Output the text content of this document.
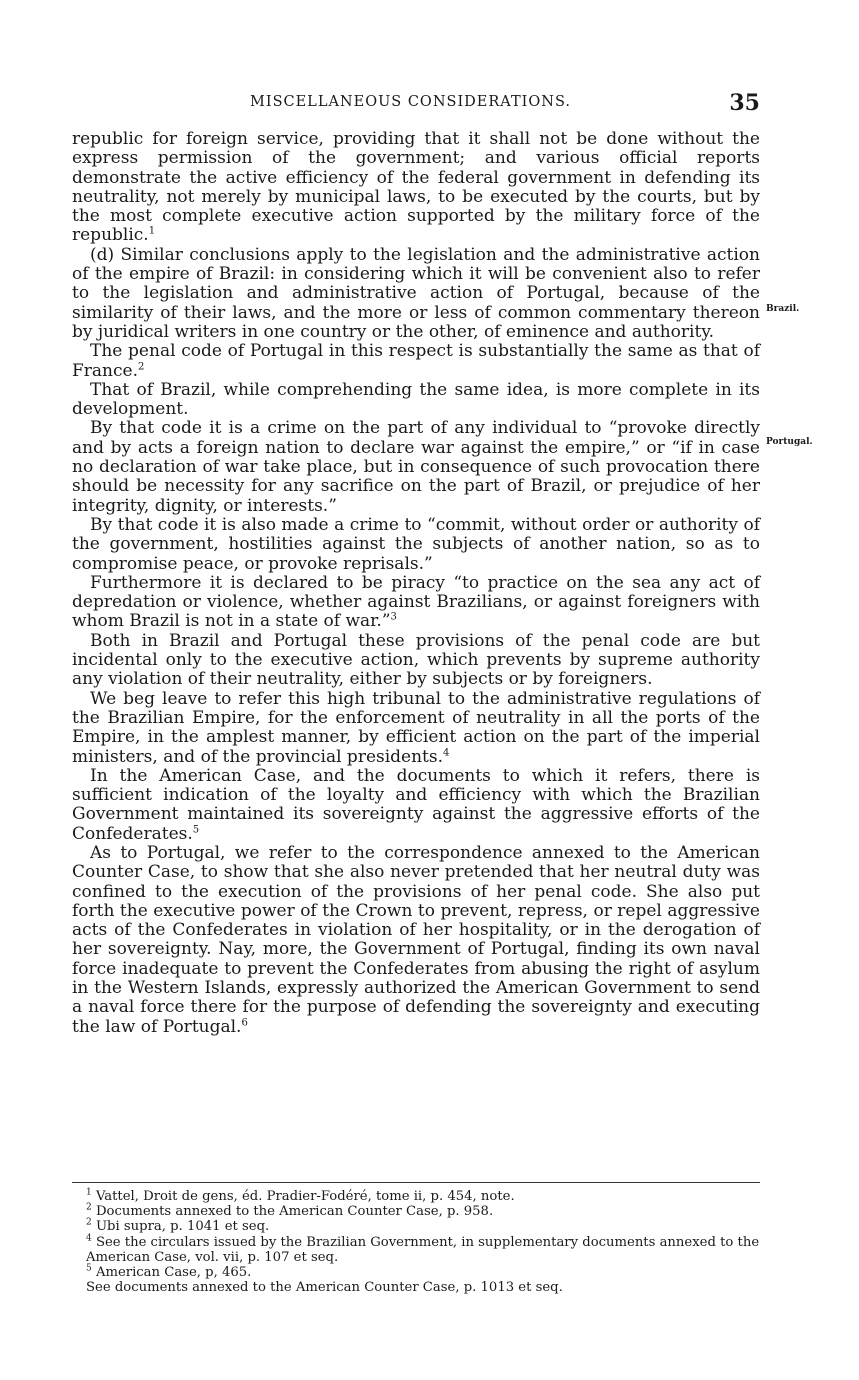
MISCELLANEOUS CONSIDERATIONS.	35
Brazil.
Portugal.

republic for foreign service, providing that it shall not be done without the express permission of the government; and various official reports demonstrate the active efficiency of the federal government in defending its neutrality, not merely by municipal laws, to be executed by the courts, but by the most complete executive action supported by the military force of the republic.$^1$

(d) Similar conclusions apply to the legislation and the administrative action of the empire of Brazil: in considering which it will be convenient also to refer to the legislation and administrative action of Portugal, because of the similarity of their laws, and the more or less of common commentary thereon by juridical writers in one country or the other, of eminence and authority.

The penal code of Portugal in this respect is substantially the same as that of France.$^2$

That of Brazil, while comprehending the same idea, is more complete in its development.

By that code it is a crime on the part of any individual to “provoke directly and by acts a foreign nation to declare war against the empire,” or “if in case no declaration of war take place, but in consequence of such provocation there should be necessity for any sacrifice on the part of Brazil, or prejudice of her integrity, dignity, or interests.”

By that code it is also made a crime to “commit, without order or authority of the government, hostilities against the subjects of another nation, so as to compromise peace, or provoke reprisals.”

Furthermore it is declared to be piracy “to practice on the sea any act of depredation or violence, whether against Brazilians, or against foreigners with whom Brazil is not in a state of war.”$^3$

Both in Brazil and Portugal these provisions of the penal code are but incidental only to the executive action, which prevents by supreme authority any violation of their neutrality, either by subjects or by foreigners.

We beg leave to refer this high tribunal to the administrative regulations of the Brazilian Empire, for the enforcement of neutrality in all the ports of the Empire, in the amplest manner, by efficient action on the part of the imperial ministers, and of the provincial presidents.$^4$

In the American Case, and the documents to which it refers, there is sufficient indication of the loyalty and efficiency with which the Brazilian Government maintained its sovereignty against the aggressive efforts of the Confederates.$^5$

As to Portugal, we refer to the correspondence annexed to the American Counter Case, to show that she also never pretended that her neutral duty was confined to the execution of the provisions of her penal code. She also put forth the executive power of the Crown to prevent, repress, or repel aggressive acts of the Confederates in violation of her hospitality, or in the derogation of her sovereignty. Nay, more, the Government of Portugal, finding its own naval force inadequate to prevent the Confederates from abusing the right of asylum in the Western Islands, expressly authorized the American Government to send a naval force there for the purpose of defending the sovereignty and executing the law of Portugal.$^6$

$^1$ Vattel, Droit de gens, éd. Pradier-Fodéré, tome ii, p. 454, note.

$^2$ Documents annexed to the American Counter Case, p. 958.

$^2$ Ubi supra, p. 1041 et seq.

$^4$ See the circulars issued by the Brazilian Government, in supplementary documents annexed to the American Case, vol. vii, p. 107 et seq.

$^5$ American Case, p, 465.

See documents annexed to the American Counter Case, p. 1013 et seq.
